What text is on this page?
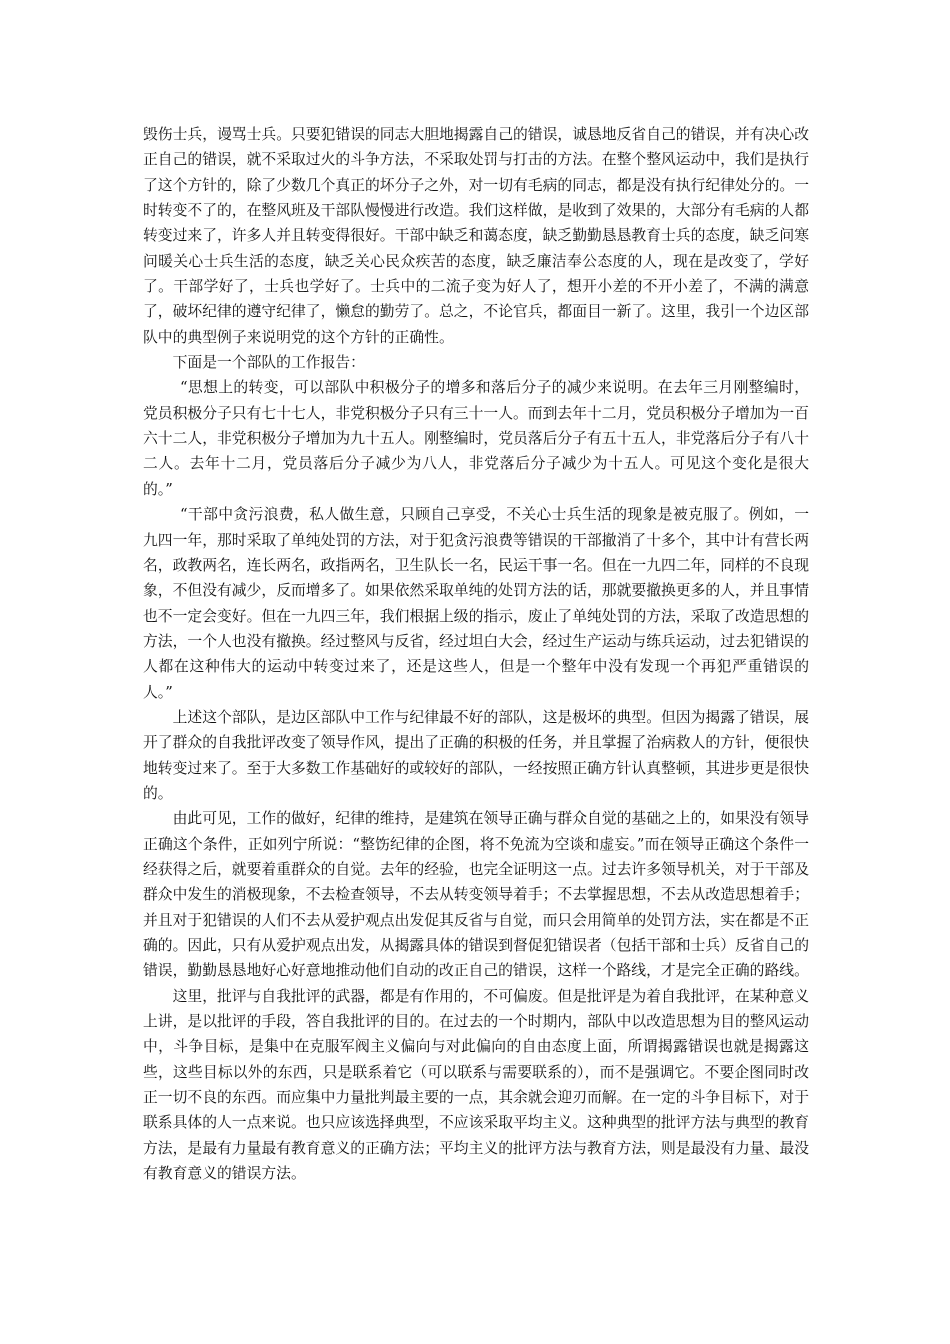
毁伤士兵，谩骂士兵。只要犯错误的同志大胆地揭露自己的错误，诚恳地反省自己的错误，并有决心改正自己的错误，就不采取过火的斗争方法，不采取处罚与打击的方法。在整个整风运动中，我们是执行了这个方针的，除了少数几个真正的坏分子之外，对一切有毛病的同志，都是没有执行纪律处分的。一时转变不了的，在整风班及干部队慢慢进行改造。我们这样做，是收到了效果的，大部分有毛病的人都转变过来了，许多人并且转变得很好。干部中缺乏和蔼态度，缺乏勤勤恳恳教育士兵的态度，缺乏问寒问暖关心士兵生活的态度，缺乏关心民众疾苦的态度，缺乏廉洁奉公态度的人，现在是改变了，学好了。干部学好了，士兵也学好了。士兵中的二流子变为好人了，想开小差的不开小差了，不满的满意了，破坏纪律的遵守纪律了，懒怠的勤劳了。总之，不论官兵，都面目一新了。这里，我引一个边区部队中的典型例子来说明党的这个方针的正确性。

下面是一个部队的工作报告：

“思想上的转变，可以部队中积极分子的增多和落后分子的减少来说明。在去年三月刚整编时，党员积极分子只有七十七人，非党积极分子只有三十一人。而到去年十二月，党员积极分子增加为一百六十二人，非党积极分子增加为九十五人。刚整编时，党员落后分子有五十五人，非党落后分子有八十二人。去年十二月，党员落后分子减少为八人，非党落后分子减少为十五人。可见这个变化是很大的。”

“干部中贪污浪费，私人做生意，只顾自己享受，不关心士兵生活的现象是被克服了。例如，一九四一年，那时采取了单纯处罚的方法，对于犯贪污浪费等错误的干部撤消了十多个，其中计有营长两名，政教两名，连长两名，政指两名，卫生队长一名，民运干事一名。但在一九四二年，同样的不良现象，不但没有减少，反而增多了。如果依然采取单纯的处罚方法的话，那就要撤换更多的人，并且事情也不一定会变好。但在一九四三年，我们根据上级的指示，废止了单纯处罚的方法，采取了改造思想的方法，一个人也没有撤换。经过整风与反省，经过坦白大会，经过生产运动与练兵运动，过去犯错误的人都在这种伟大的运动中转变过来了，还是这些人，但是一个整年中没有发现一个再犯严重错误的人。”

上述这个部队，是边区部队中工作与纪律最不好的部队，这是极坏的典型。但因为揭露了错误，展开了群众的自我批评改变了领导作风，提出了正确的积极的任务，并且掌握了治病救人的方针，便很快地转变过来了。至于大多数工作基础好的或较好的部队，一经按照正确方针认真整顿，其进步更是很快的。

由此可见，工作的做好，纪律的维持，是建筑在领导正确与群众自觉的基础之上的，如果没有领导正确这个条件，正如列宁所说：“整饬纪律的企图，将不免流为空谈和虚妄。”而在领导正确这个条件一经获得之后，就要着重群众的自觉。去年的经验，也完全证明这一点。过去许多领导机关，对于干部及群众中发生的消极现象，不去检查领导，不去从转变领导着手；不去掌握思想，不去从改造思想着手；并且对于犯错误的人们不去从爱护观点出发促其反省与自觉，而只会用简单的处罚方法，实在都是不正确的。因此，只有从爱护观点出发，从揭露具体的错误到督促犯错误者（包括干部和士兵）反省自己的错误，勤勤恳恳地好心好意地推动他们自动的改正自己的错误，这样一个路线，才是完全正确的路线。

这里，批评与自我批评的武器，都是有作用的，不可偏废。但是批评是为着自我批评，在某种意义上讲，是以批评的手段，答自我批评的目的。在过去的一个时期内，部队中以改造思想为目的整风运动中，斗争目标，是集中在克服军阀主义偏向与对此偏向的自由态度上面，所谓揭露错误也就是揭露这些，这些目标以外的东西，只是联系着它（可以联系与需要联系的），而不是强调它。不要企图同时改正一切不良的东西。而应集中力量批判最主要的一点，其余就会迎刃而解。在一定的斗争目标下，对于联系具体的人一点来说。也只应该选择典型，不应该采取平均主义。这种典型的批评方法与典型的教育方法，是最有力量最有教育意义的正确方法；平均主义的批评方法与教育方法，则是最没有力量、最没有教育意义的错误方法。
